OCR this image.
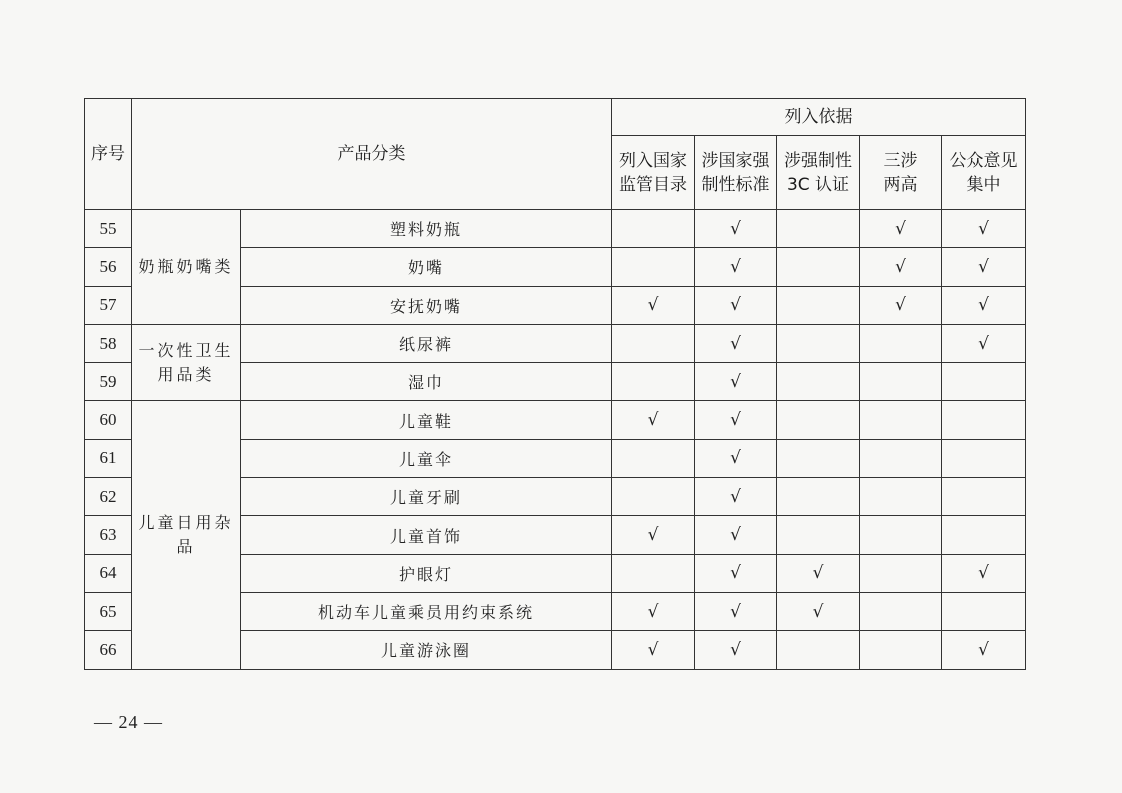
序号	产品分类		列入依据				
			列入国家监管目录	涉国家强制性标准	涉强制性3C 认证	三涉两高	公众意见集中
55	奶瓶奶嘴类	塑料奶瓶		√		√	√
56		奶嘴		√		√	√
57		安抚奶嘴	√	√		√	√
58	一次性卫生用品类	纸尿裤		√			√
59		湿巾		√			
60	儿童日用杂品	儿童鞋	√	√			
61		儿童伞		√			
62		儿童牙刷		√			
63		儿童首饰	√	√			
64		护眼灯		√	√		√
65		机动车儿童乘员用约束系统	√	√	√		
66		儿童游泳圈	√	√			√
— 24 —
